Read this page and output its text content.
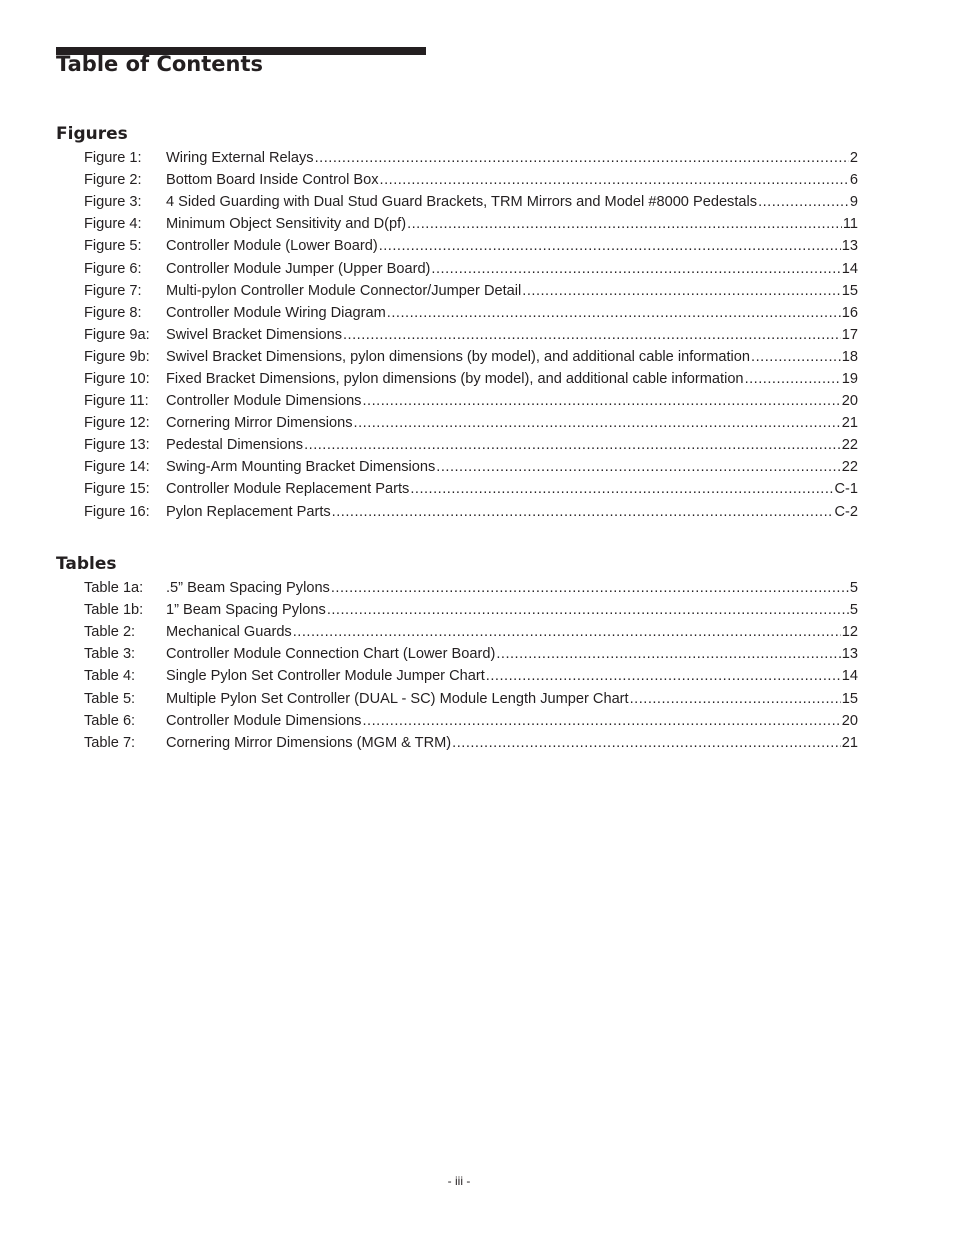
Table of Contents
Figures
Figure 1:	Wiring External Relays .....	2
Figure 2:	Bottom Board Inside Control Box .....	6
Figure 3:	4 Sided Guarding with Dual Stud Guard Brackets, TRM Mirrors and Model #8000 Pedestals .....	9
Figure 4:	Minimum Object Sensitivity and D(pf) .....	11
Figure 5:	Controller Module (Lower Board) .....	13
Figure 6:	Controller Module Jumper (Upper Board) .....	14
Figure 7:	Multi-pylon Controller Module Connector/Jumper Detail .....	15
Figure 8:	Controller Module Wiring Diagram .....	16
Figure 9a:	Swivel Bracket Dimensions .....	17
Figure 9b:	Swivel Bracket Dimensions, pylon dimensions (by model), and additional cable information .....	18
Figure 10:	Fixed Bracket Dimensions, pylon dimensions (by model), and additional cable information .....	19
Figure 11:	Controller Module Dimensions .....	20
Figure 12:	Cornering Mirror Dimensions .....	21
Figure 13:	Pedestal Dimensions .....	22
Figure 14:	Swing-Arm Mounting Bracket Dimensions .....	22
Figure 15:	Controller Module Replacement Parts .....	C-1
Figure 16:	Pylon Replacement Parts .....	C-2
Tables
Table 1a:	.5” Beam Spacing Pylons .....	5
Table 1b:	1” Beam Spacing Pylons .....	5
Table 2:	Mechanical Guards .....	12
Table 3:	Controller Module Connection Chart (Lower Board) .....	13
Table 4:	Single Pylon Set Controller Module Jumper Chart .....	14
Table 5:	Multiple Pylon Set Controller (DUAL - SC) Module Length Jumper Chart .....	15
Table 6:	Controller Module Dimensions .....	20
Table 7:	Cornering Mirror Dimensions (MGM & TRM) .....	21
- iii -
